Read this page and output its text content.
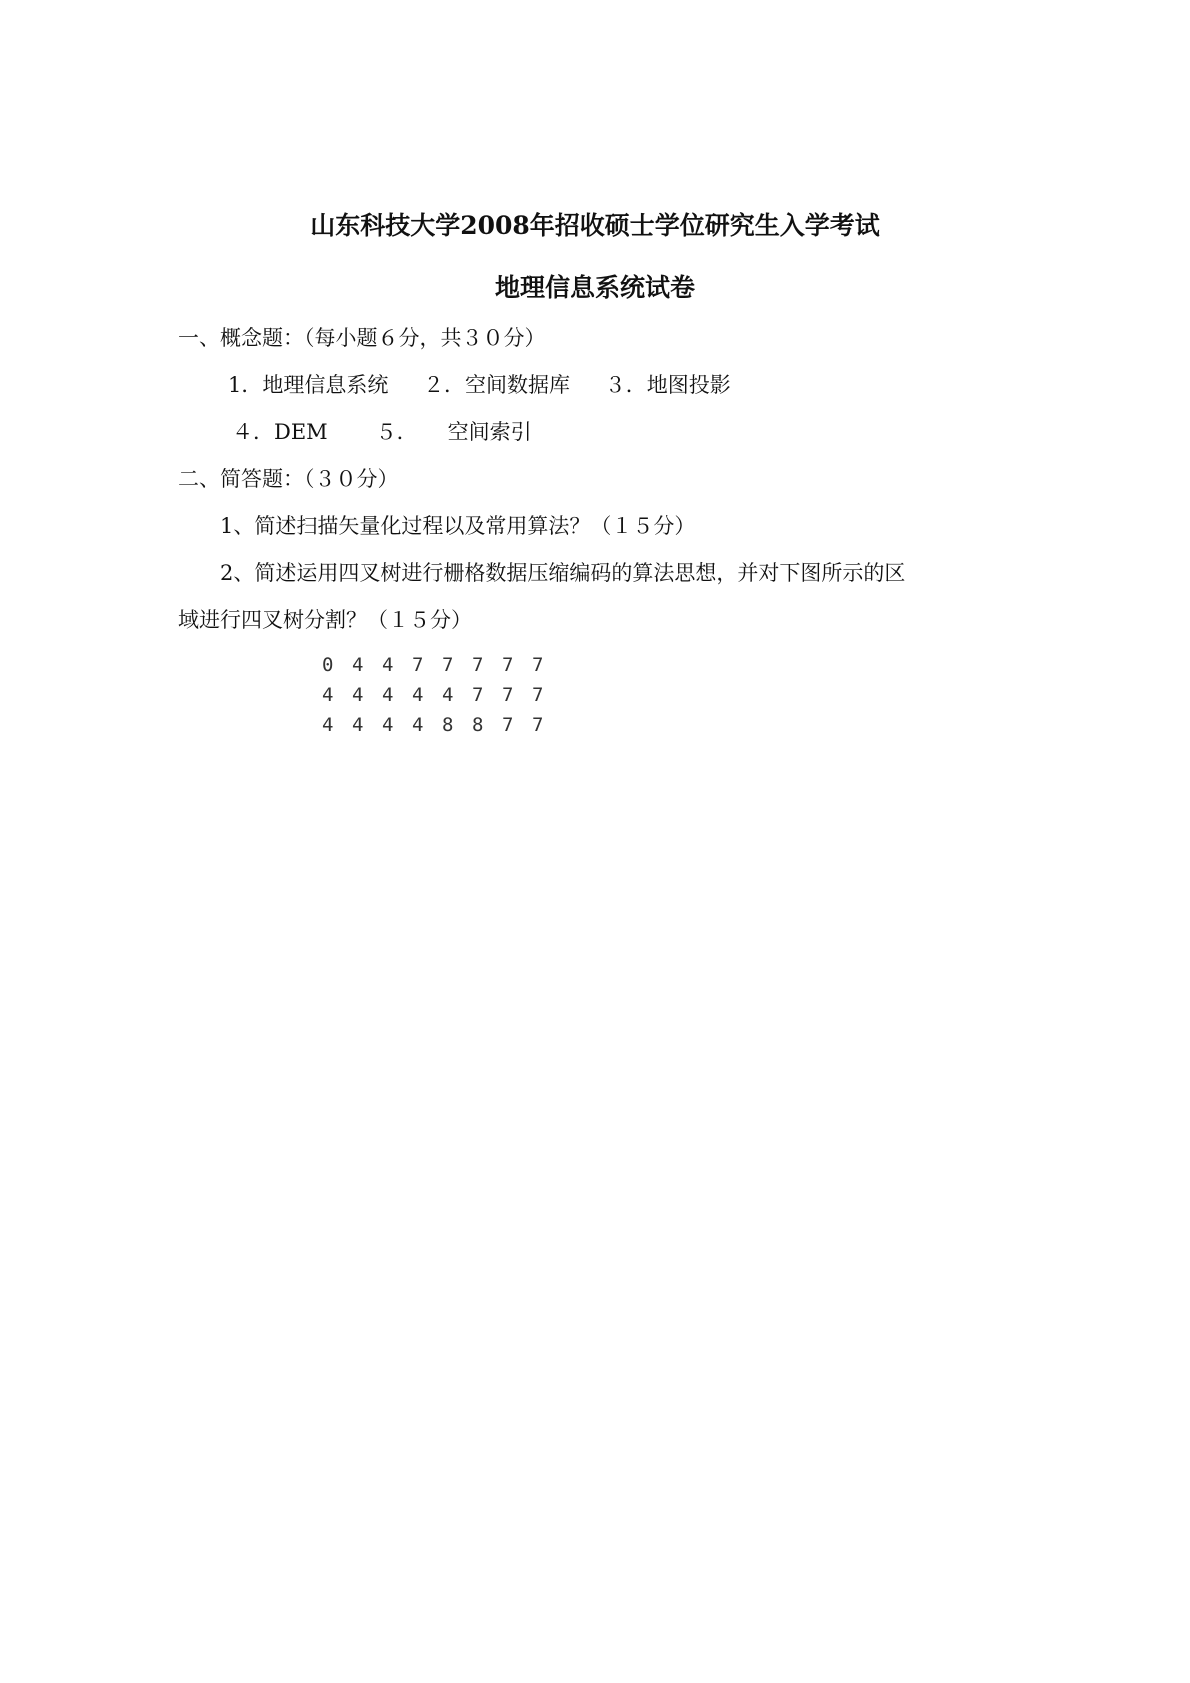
山东科技大学2008年招收硕士学位研究生入学考试
地理信息系统试卷
一、概念题：（每小题６分，共３０分）
1．地理信息系统 ２．空间数据库 ３．地图投影
４．DEM ５． 空间索引
二、简答题：（３０分）
1、简述扫描矢量化过程以及常用算法？（１５分）
2、简述运用四叉树进行栅格数据压缩编码的算法思想，并对下图所示的区
域进行四叉树分割？（１５分）
0 4 4 7 7 7 7 7
4 4 4 4 4 7 7 7
4 4 4 4 8 8 7 7
